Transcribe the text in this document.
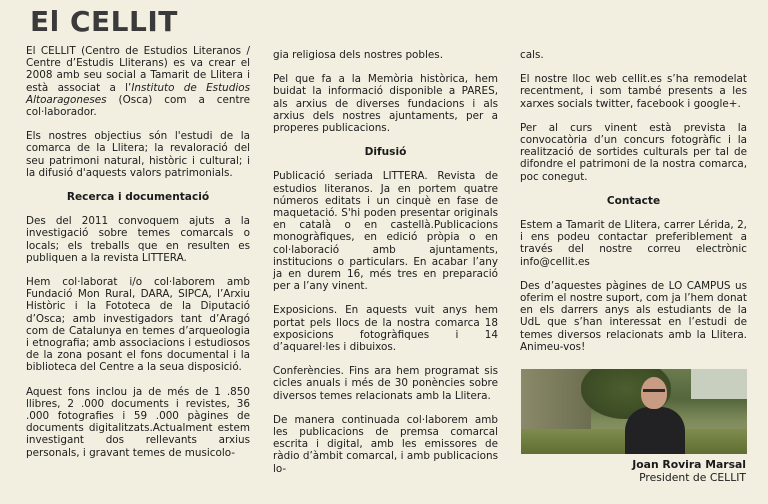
El CELLIT

El CELLIT (Centro de Estudios Literanos / Centre d’Estudis Lliterans) es va crear el 2008 amb seu social a Tamarit de Llitera i està associat a l’Instituto de Estudios Altoaragoneses (Osca) com a centre col·laborador.

Els nostres objectius són l'estudi de la comarca de la Llitera; la revaloració del seu patrimoni natural, històric i cultural; i la difusió d'aquests valors patrimonials.

Recerca i documentació

Des del 2011 convoquem ajuts a la investigació sobre temes comarcals o locals; els treballs que en resulten es publiquen a la revista LITTERA.

Hem col·laborat i/o col·laborem amb Fundació Mon Rural, DARA, SIPCA, l’Arxiu Històric i la Fototeca de la Diputació d’Osca; amb investigadors tant d’Aragó com de Catalunya en temes d’arqueologia i etnografia; amb associacions i estudiosos de la zona posant el fons documental i la biblioteca del Centre a la seua disposició.

Aquest fons inclou ja de més de 1 .850 llibres, 2 .000 documents i revistes, 36 .000 fotografies i 59 .000 pàgines de documents digitalitzats.Actualment estem investigant dos rellevants arxius personals, i gravant temes de musicolo-

gia religiosa dels nostres pobles.

Pel que fa a la Memòria històrica, hem buidat la informació disponible a PARES, als arxius de diverses fundacions i als arxius dels nostres ajuntaments, per a properes publicacions.

Difusió

Publicació seriada LITTERA. Revista de estudios literanos. Ja en portem quatre números editats i un cinquè en fase de maquetació. S'hi poden presentar originals en català o en castellà.Publicacions monogràfiques, en edició pròpia o en col·laboració amb ajuntaments, institucions o particulars. En acabar l’any ja en durem 16, més tres en preparació per a l’any vinent.

Exposicions. En aquests vuit anys hem portat pels llocs de la nostra comarca 18 exposicions fotogràfiques i 14 d’aquarel·les i dibuixos.

Conferències. Fins ara hem programat sis cicles anuals i més de 30 ponències sobre diversos temes relacionats amb la Llitera.

De manera continuada col·laborem amb les publicacions de premsa comarcal escrita i digital, amb les emissores de ràdio d’àmbit comarcal, i amb publicacions lo-

cals.

El nostre lloc web cellit.es s’ha remodelat recentment, i som també presents a les xarxes socials twitter, facebook i google+.

Per al curs vinent està prevista la convocatòria d’un concurs fotogràfic i la realització de sortides culturals per tal de difondre el patrimoni de la nostra comarca, poc conegut.

Contacte

Estem a Tamarit de Llitera, carrer Lérida, 2, i ens podeu contactar preferiblement a través del nostre correu electrònic info@cellit.es

Des d’aquestes pàgines de LO CAMPUS us oferim el nostre suport, com ja l’hem donat en els darrers anys als estudiants de la UdL que s’han interessat en l’estudi de temes diversos relacionats amb la Llitera. Animeu-vos!

Joan Rovira Marsal
President de CELLIT
